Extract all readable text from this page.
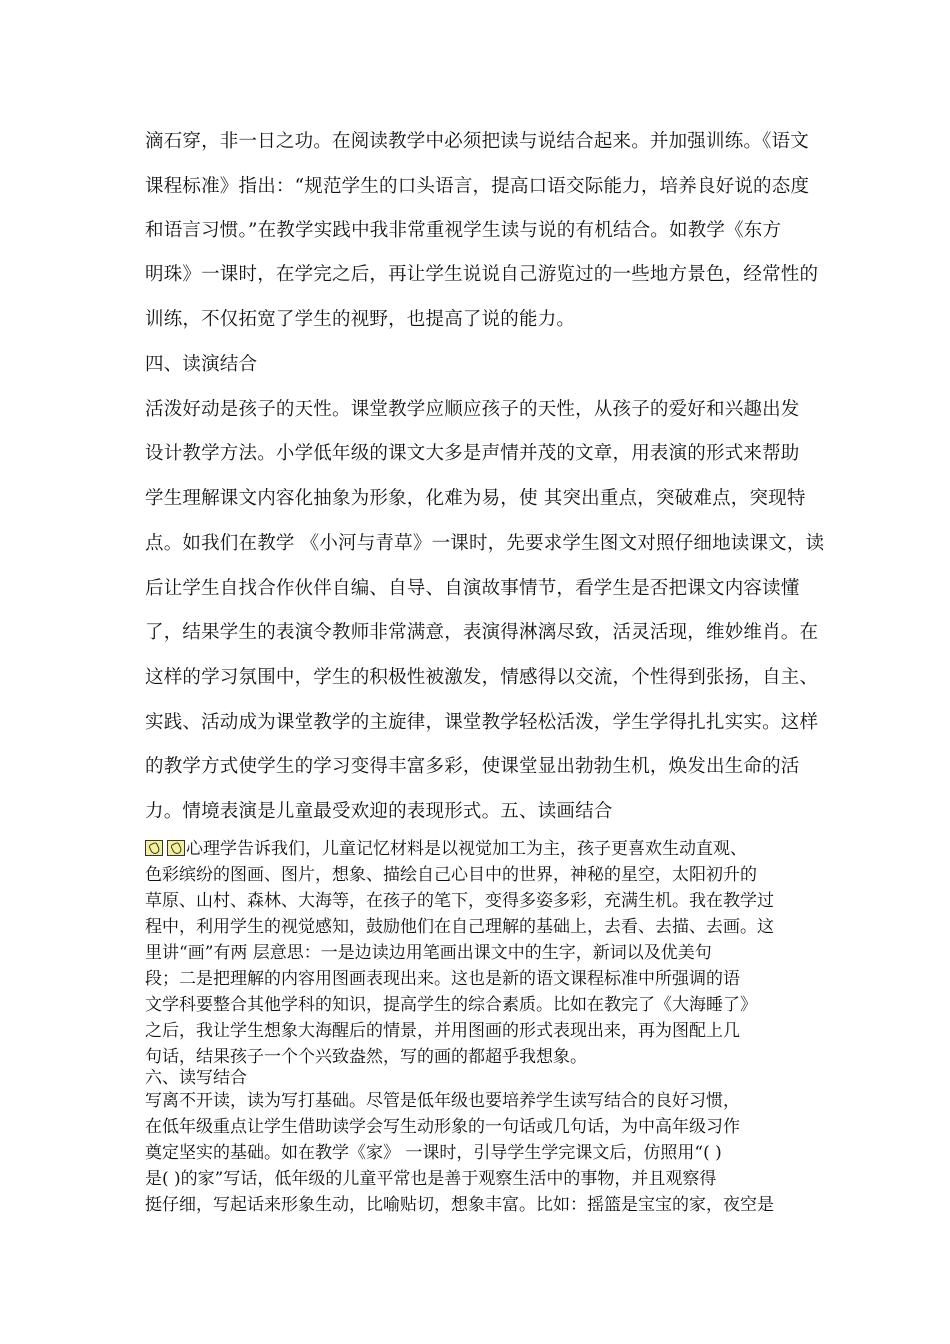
滴石穿，非一日之功。在阅读教学中必须把读与说结合起来。并加强训练。《语文
课程标准》指出：“规范学生的口头语言，提高口语交际能力，培养良好说的态度
和语言习惯。”在教学实践中我非常重视学生读与说的有机结合。如教学《东方
明珠》一课时，在学完之后，再让学生说说自己游览过的一些地方景色，经常性的
训练，不仅拓宽了学生的视野，也提高了说的能力。
四、读演结合
活泼好动是孩子的天性。课堂教学应顺应孩子的天性，从孩子的爱好和兴趣出发
设计教学方法。小学低年级的课文大多是声情并茂的文章，用表演的形式来帮助
学生理解课文内容化抽象为形象，化难为易，使 其突出重点，突破难点，突现特
点。如我们在教学 《小河与青草》一课时，先要求学生图文对照仔细地读课文，读
后让学生自找合作伙伴自编、自导、自演故事情节，看学生是否把课文内容读懂
了，结果学生的表演令教师非常满意，表演得淋漓尽致，活灵活现，维妙维肖。在
这样的学习氛围中，学生的积极性被激发，情感得以交流，个性得到张扬，自主、
实践、活动成为课堂教学的主旋律，课堂教学轻松活泼，学生学得扎扎实实。这样
的教学方式使学生的学习变得丰富多彩，使课堂显出勃勃生机，焕发出生命的活
力。情境表演是儿童最受欢迎的表现形式。五、读画结合
心理学告诉我们，儿童记忆材料是以视觉加工为主，孩子更喜欢生动直观、
色彩缤纷的图画、图片，想象、描绘自己心目中的世界，神秘的星空，太阳初升的
草原、山村、森林、大海等，在孩子的笔下，变得多姿多彩，充满生机。我在教学过
程中，利用学生的视觉感知，鼓励他们在自己理解的基础上，去看、去描、去画。这
里讲“画”有两 层意思：一是边读边用笔画出课文中的生字，新词以及优美句
段；二是把理解的内容用图画表现出来。这也是新的语文课程标准中所强调的语
文学科要整合其他学科的知识，提高学生的综合素质。比如在教完了《大海睡了》
之后，我让学生想象大海醒后的情景，并用图画的形式表现出来，再为图配上几
句话，结果孩子一个个兴致盎然，写的画的都超乎我想象。
六、读写结合
写离不开读，读为写打基础。尽管是低年级也要培养学生读写结合的良好习惯，
在低年级重点让学生借助读学会写生动形象的一句话或几句话，为中高年级习作
奠定坚实的基础。如在教学《家》 一课时，引导学生学完课文后，仿照用“( )
是( )的家”写话，低年级的儿童平常也是善于观察生活中的事物，并且观察得
挺仔细，写起话来形象生动，比喻贴切，想象丰富。比如：摇篮是宝宝的家，夜空是
